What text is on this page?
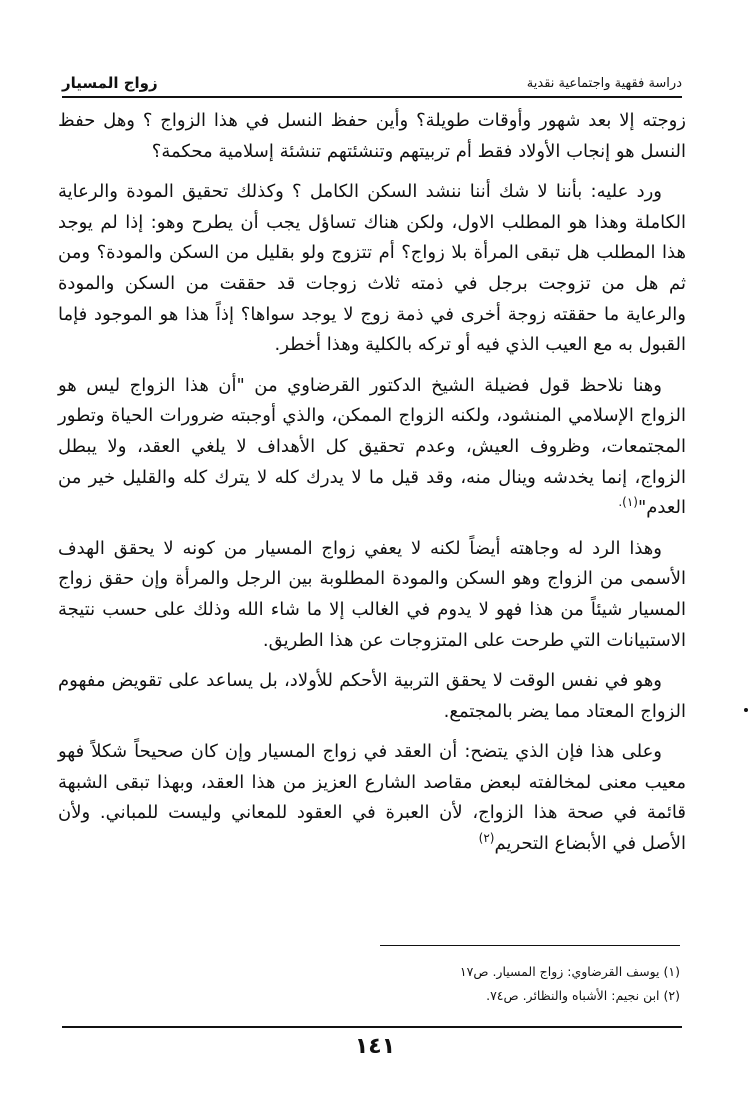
دراسة فقهية واجتماعية نقدية
زواج المسيار

زوجته إلا بعد شهور وأوقات طويلة؟ وأين حفظ النسل في هذا الزواج ؟ وهل حفظ النسل هو إنجاب الأولاد فقط أم تربيتهم وتنشئتهم تنشئة إسلامية محكمة؟

ورد عليه: بأننا لا شك أننا ننشد السكن الكامل ؟ وكذلك تحقيق المودة والرعاية الكاملة وهذا هو المطلب الاول، ولكن هناك تساؤل يجب أن يطرح وهو: إذا لم يوجد هذا المطلب هل تبقى المرأة بلا زواج؟ أم تتزوج ولو بقليل من السكن والمودة؟ ومن ثم هل من تزوجت برجل في ذمته ثلاث زوجات قد حققت من السكن والمودة والرعاية ما حققته زوجة أخرى في ذمة زوج لا يوجد سواها؟ إذاً هذا هو الموجود فإما القبول به مع العيب الذي فيه أو تركه بالكلية وهذا أخطر.

وهنا نلاحظ قول فضيلة الشيخ الدكتور القرضاوي من "أن هذا الزواج ليس هو الزواج الإسلامي المنشود، ولكنه الزواج الممكن، والذي أوجبته ضرورات الحياة وتطور المجتمعات، وظروف العيش، وعدم تحقيق كل الأهداف لا يلغي العقد، ولا يبطل الزواج، إنما يخدشه وينال منه، وقد قيل ما لا يدرك كله لا يترك كله والقليل خير من العدم"$^{(١).}$

وهذا الرد له وجاهته أيضاً لكنه لا يعفي زواج المسيار من كونه لا يحقق الهدف الأسمى من الزواج وهو السكن والمودة المطلوبة بين الرجل والمرأة وإن حقق زواج المسيار شيئاً من هذا فهو لا يدوم في الغالب إلا ما شاء الله وذلك على حسب نتيجة الاستبيانات التي طرحت على المتزوجات عن هذا الطريق.

وهو في نفس الوقت لا يحقق التربية الأحكم للأولاد، بل يساعد على تقويض مفهوم الزواج المعتاد مما يضر بالمجتمع.

وعلى هذا فإن الذي يتضح: أن العقد في زواج المسيار وإن كان صحيحاً شكلاً فهو معيب معنى لمخالفته لبعض مقاصد الشارع العزيز من هذا العقد، وبهذا تبقى الشبهة قائمة في صحة هذا الزواج، لأن العبرة في العقود للمعاني وليست للمباني. ولأن الأصل في الأبضاع التحريم$^{(٢)}$

(١) يوسف القرضاوي: زواج المسيار. ص١٧

(٢) ابن نجيم: الأشباه والنظائر. ص٧٤.

١٤١
